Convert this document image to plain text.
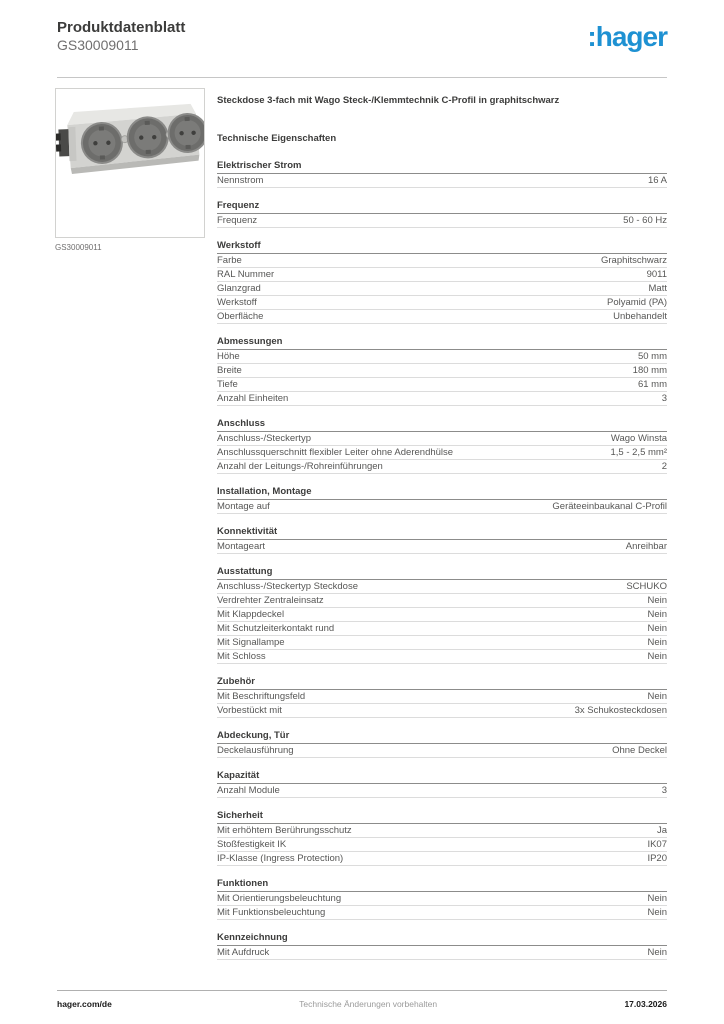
Produktdatenblatt
GS30009011	:hager
GS30009011
Steckdose 3-fach mit Wago Steck-/Klemmtechnik C-Profil in graphitschwarz
Technische Eigenschaften
Elektrischer Strom
Nennstrom	16 A
Frequenz
Frequenz	50 - 60 Hz
Werkstoff
Farbe	Graphitschwarz
RAL Nummer	9011
Glanzgrad	Matt
Werkstoff	Polyamid (PA)
Oberfläche	Unbehandelt
Abmessungen
Höhe	50 mm
Breite	180 mm
Tiefe	61 mm
Anzahl Einheiten	3
Anschluss
Anschluss-/Steckertyp	Wago Winsta
Anschlussquerschnitt flexibler Leiter ohne Aderendhülse	1,5 - 2,5 mm²
Anzahl der Leitungs-/Rohreinführungen	2
Installation, Montage
Montage auf	Geräteeinbaukanal C-Profil
Konnektivität
Montageart	Anreihbar
Ausstattung
Anschluss-/Steckertyp Steckdose	SCHUKO
Verdrehter Zentraleinsatz	Nein
Mit Klappdeckel	Nein
Mit Schutzleiterkontakt rund	Nein
Mit Signallampe	Nein
Mit Schloss	Nein
Zubehör
Mit Beschriftungsfeld	Nein
Vorbestückt mit	3x Schukosteckdosen
Abdeckung, Tür
Deckelausführung	Ohne Deckel
Kapazität
Anzahl Module	3
Sicherheit
Mit erhöhtem Berührungsschutz	Ja
Stoßfestigkeit IK	IK07
IP-Klasse (Ingress Protection)	IP20
Funktionen
Mit Orientierungsbeleuchtung	Nein
Mit Funktionsbeleuchtung	Nein
Kennzeichnung
Mit Aufdruck	Nein
hager.com/de	Technische Änderungen vorbehalten	17.03.2026
